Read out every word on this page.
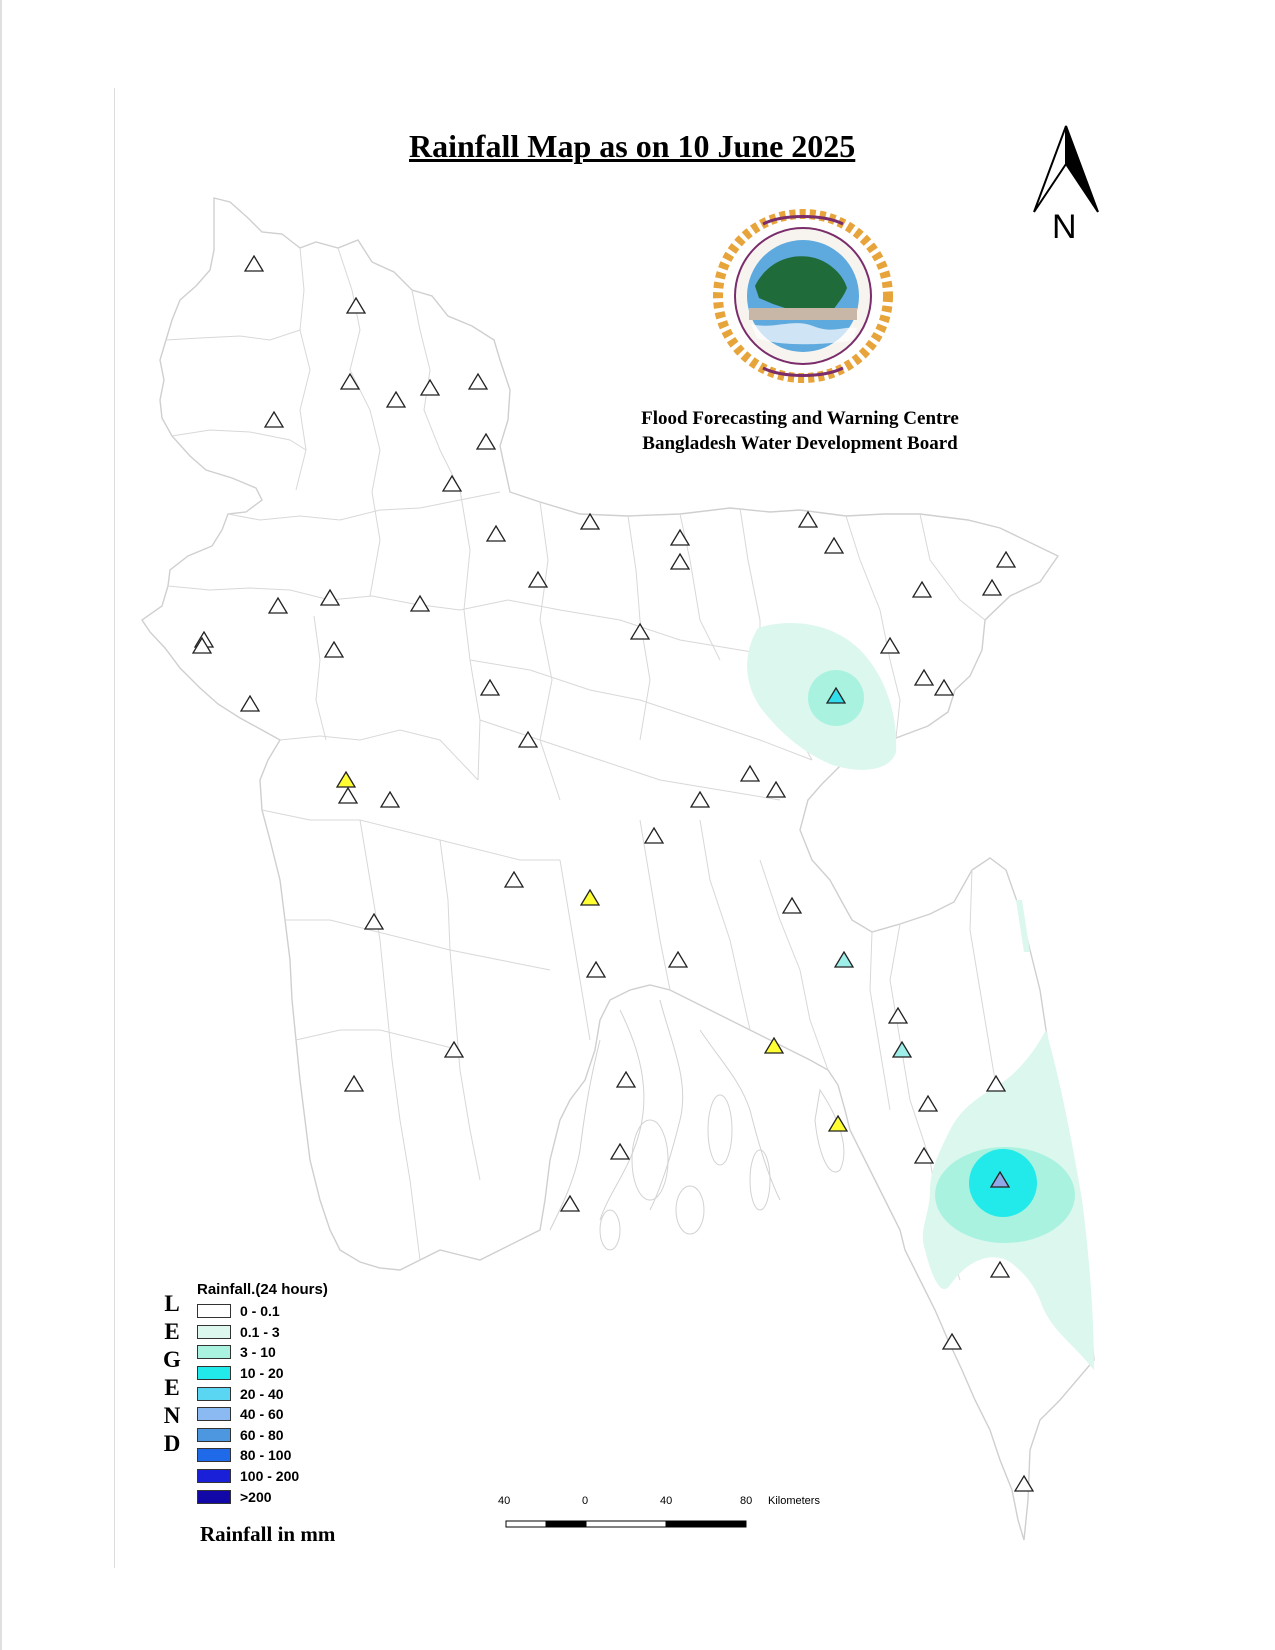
Rainfall Map as on 10 June 2025
Flood Forecasting and Warning Centre
Bangladesh Water Development Board
N
L
E
G
E
N
D
Rainfall.(24 hours)
0 - 0.1
0.1 - 3
3 - 10
10 - 20
20 - 40
40 - 60
60 - 80
80 - 100
100 - 200
>200
Rainfall in mm
40	0	40	80 Kilometers
